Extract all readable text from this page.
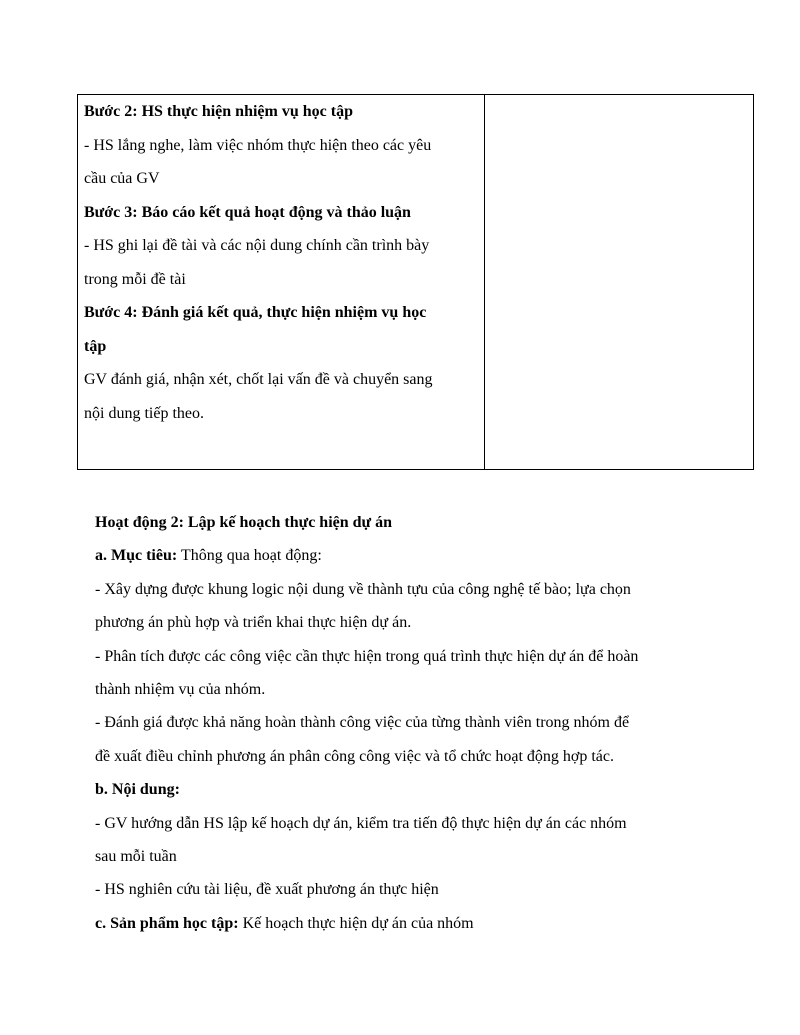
Bước 2: HS thực hiện nhiệm vụ học tập
- HS lắng nghe, làm việc nhóm thực hiện theo các yêu
cầu của GV
Bước 3: Báo cáo kết quả hoạt động và thảo luận
- HS ghi lại đề tài và các nội dung chính cần trình bày
trong mỗi đề tài
Bước 4: Đánh giá kết quả, thực hiện nhiệm vụ học
tập
GV đánh giá, nhận xét, chốt lại vấn đề và chuyển sang
nội dung tiếp theo.
Hoạt động 2: Lập kế hoạch thực hiện dự án
a. Mục tiêu: Thông qua hoạt động:
- Xây dựng được khung logic nội dung về thành tựu của công nghệ tế bào; lựa chọn
phương án phù hợp và triển khai thực hiện dự án.
- Phân tích được các công việc cần thực hiện trong quá trình thực hiện dự án để hoàn
thành nhiệm vụ của nhóm.
- Đánh giá được khả năng hoàn thành công việc của từng thành viên trong nhóm để
đề xuất điều chỉnh phương án phân công công việc và tổ chức hoạt động hợp tác.
b. Nội dung:
- GV hướng dẫn HS lập kế hoạch dự án, kiểm tra tiến độ thực hiện dự án các nhóm
sau mỗi tuần
- HS nghiên cứu tài liệu, đề xuất phương án thực hiện
c. Sản phẩm học tập: Kế hoạch thực hiện dự án của nhóm
